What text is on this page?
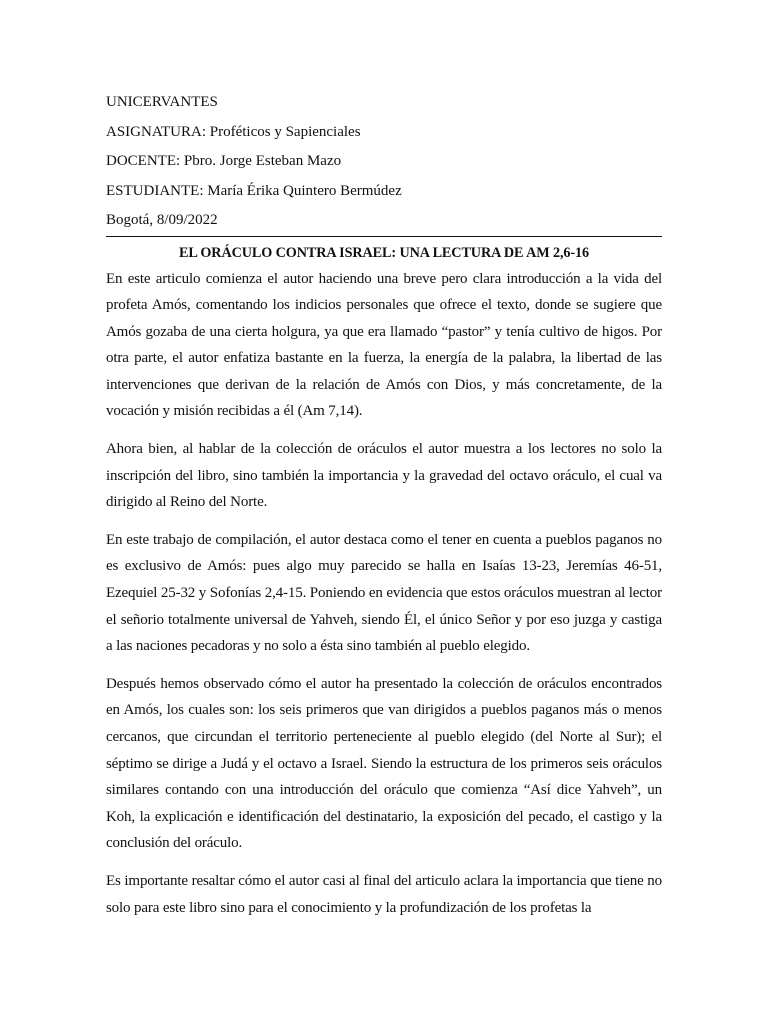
UNICERVANTES

ASIGNATURA: Proféticos y Sapienciales

DOCENTE: Pbro. Jorge Esteban Mazo

ESTUDIANTE: María Érika Quintero Bermúdez

Bogotá, 8/09/2022

EL ORÁCULO CONTRA ISRAEL: UNA LECTURA DE AM 2,6-16

En este articulo comienza el autor haciendo una breve pero clara introducción a la vida del profeta Amós, comentando los indicios personales que ofrece el texto, donde se sugiere que Amós gozaba de una cierta holgura, ya que era llamado “pastor” y tenía cultivo de higos. Por otra parte, el autor enfatiza bastante en la fuerza, la energía de la palabra, la libertad de las intervenciones que derivan de la relación de Amós con Dios, y más concretamente, de la vocación y misión recibidas a él (Am 7,14).

Ahora bien, al hablar de la colección de oráculos el autor muestra a los lectores no solo la inscripción del libro, sino también la importancia y la gravedad del octavo oráculo, el cual va dirigido al Reino del Norte.

En este trabajo de compilación, el autor destaca como el tener en cuenta a pueblos paganos no es exclusivo de Amós: pues algo muy parecido se halla en Isaías 13-23, Jeremías 46-51, Ezequiel 25-32 y Sofonías 2,4-15. Poniendo en evidencia que estos oráculos muestran al lector el señorio totalmente universal de Yahveh, siendo Él, el único Señor y por eso juzga y castiga a las naciones pecadoras y no solo a ésta sino también al pueblo elegido.

Después hemos observado cómo el autor ha presentado la colección de oráculos encontrados en Amós, los cuales son: los seis primeros que van dirigidos a pueblos paganos más o menos cercanos, que circundan el territorio perteneciente al pueblo elegido (del Norte al Sur); el séptimo se dirige a Judá y el octavo a Israel. Siendo la estructura de los primeros seis oráculos similares contando con una introducción del oráculo que comienza “Así dice Yahveh”, un Koh, la explicación e identificación del destinatario, la exposición del pecado, el castigo y la conclusión del oráculo.

Es importante resaltar cómo el autor casi al final del articulo aclara la importancia que tiene no solo para este libro sino para el conocimiento y la profundización de los profetas la
